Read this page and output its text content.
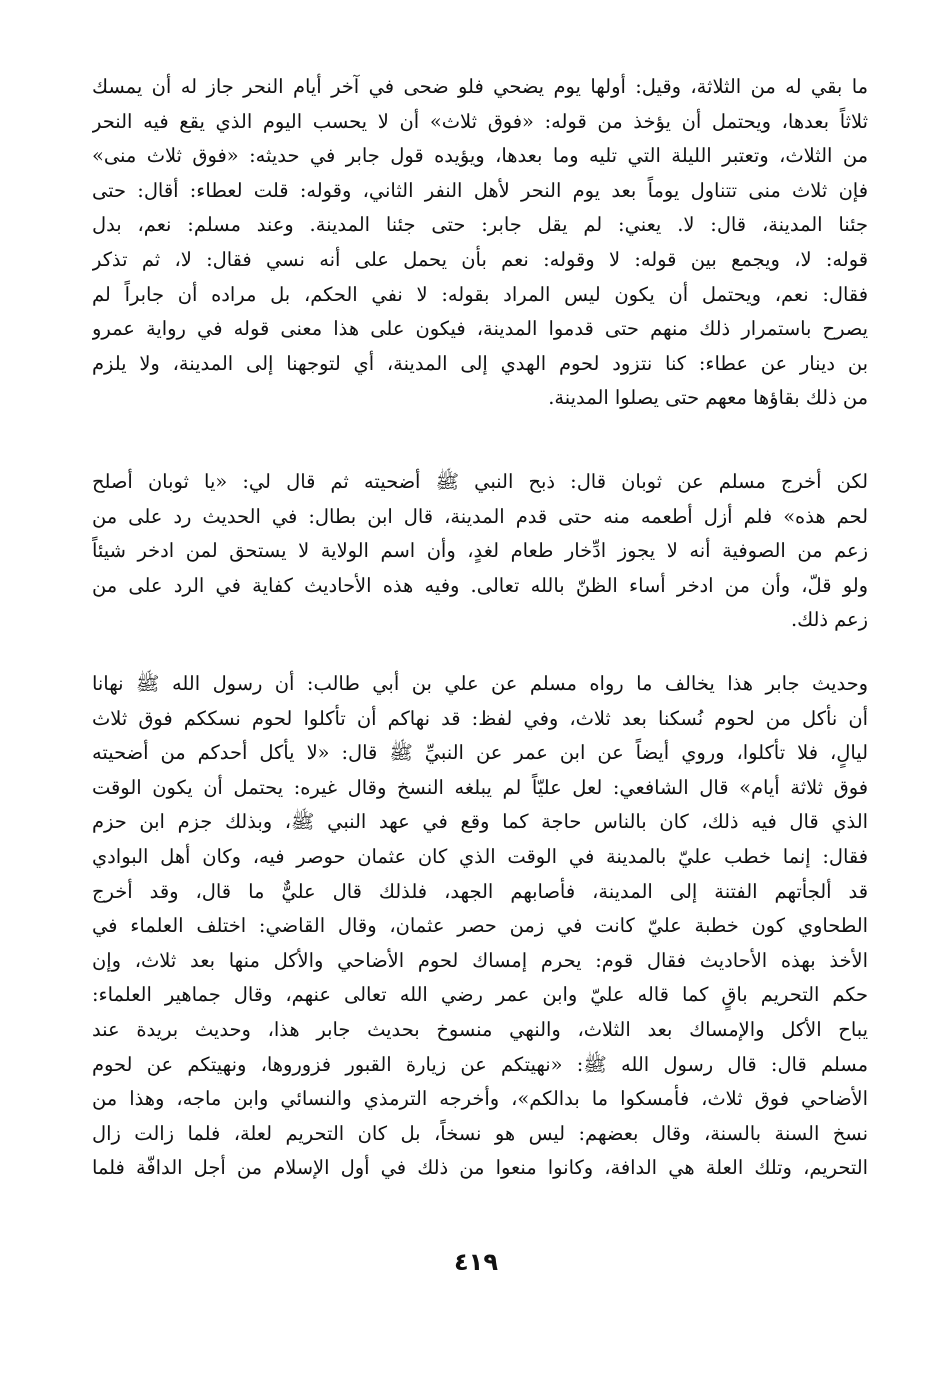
ما بقي له من الثلاثة، وقيل: أولها يوم يضحي فلو ضحى في آخر أيام النحر جاز له أن يمسك
ثلاثاً بعدها، ويحتمل أن يؤخذ من قوله: «فوق ثلاث» أن لا يحسب اليوم الذي يقع فيه النحر
من الثلاث، وتعتبر الليلة التي تليه وما بعدها، ويؤيده قول جابر في حديثه: «فوق ثلاث منى»
فإن ثلاث منى تتناول يوماً بعد يوم النحر لأهل النفر الثاني، وقوله: قلت لعطاء: أقال: حتى
جئنا المدينة، قال: لا. يعني: لم يقل جابر: حتى جئنا المدينة. وعند مسلم: نعم، بدل
قوله: لا، ويجمع بين قوله: لا وقوله: نعم بأن يحمل على أنه نسي فقال: لا، ثم تذكر
فقال: نعم، ويحتمل أن يكون ليس المراد بقوله: لا نفي الحكم، بل مراده أن جابراً لم
يصرح باستمرار ذلك منهم حتى قدموا المدينة، فيكون على هذا معنى قوله في رواية عمرو
بن دينار عن عطاء: كنا نتزود لحوم الهدي إلى المدينة، أي لتوجهنا إلى المدينة، ولا يلزم
من ذلك بقاؤها معهم حتى يصلوا المدينة.
لكن أخرج مسلم عن ثوبان قال: ذبح النبي ﷺ أضحيته ثم قال لي: «يا ثوبان أصلح
لحم هذه» فلم أزل أطعمه منه حتى قدم المدينة، قال ابن بطال: في الحديث رد على من
زعم من الصوفية أنه لا يجوز ادِّخار طعام لغدٍ، وأن اسم الولاية لا يستحق لمن ادخر شيئاً
ولو قلّ، وأن من ادخر أساء الظنّ بالله تعالى. وفيه هذه الأحاديث كفاية في الرد على من
زعم ذلك.
وحديث جابر هذا يخالف ما رواه مسلم عن علي بن أبي طالب: أن رسول الله ﷺ نهانا
أن نأكل من لحوم نُسكنا بعد ثلاث، وفي لفظ: قد نهاكم أن تأكلوا لحوم نسككم فوق ثلاث
ليالٍ، فلا تأكلوا، وروي أيضاً عن ابن عمر عن النبيِّ ﷺ قال: «لا يأكل أحدكم من أضحيته
فوق ثلاثة أيام» قال الشافعي: لعل عليّاً لم يبلغه النسخ وقال غيره: يحتمل أن يكون الوقت
الذي قال فيه ذلك، كان بالناس حاجة كما وقع في عهد النبي ﷺ، وبذلك جزم ابن حزم
فقال: إنما خطب عليّ بالمدينة في الوقت الذي كان عثمان حوصر فيه، وكان أهل البوادي
قد ألجأتهم الفتنة إلى المدينة، فأصابهم الجهد، فلذلك قال عليٌّ ما قال، وقد أخرج
الطحاوي كون خطبة عليّ كانت في زمن حصر عثمان، وقال القاضي: اختلف العلماء في
الأخذ بهذه الأحاديث فقال قوم: يحرم إمساك لحوم الأضاحي والأكل منها بعد ثلاث، وإن
حكم التحريم باقٍ كما قاله عليّ وابن عمر رضي الله تعالى عنهم، وقال جماهير العلماء:
يباح الأكل والإمساك بعد الثلاث، والنهي منسوخ بحديث جابر هذا، وحديث بريدة عند
مسلم قال: قال رسول الله ﷺ: «نهيتكم عن زيارة القبور فزوروها، ونهيتكم عن لحوم
الأضاحي فوق ثلاث، فأمسكوا ما بدالكم»، وأخرجه الترمذي والنسائي وابن ماجه، وهذا من
نسخ السنة بالسنة، وقال بعضهم: ليس هو نسخاً، بل كان التحريم لعلة، فلما زالت زال
التحريم، وتلك العلة هي الدافة، وكانوا منعوا من ذلك في أول الإسلام من أجل الدافّة فلما
٤١٩
